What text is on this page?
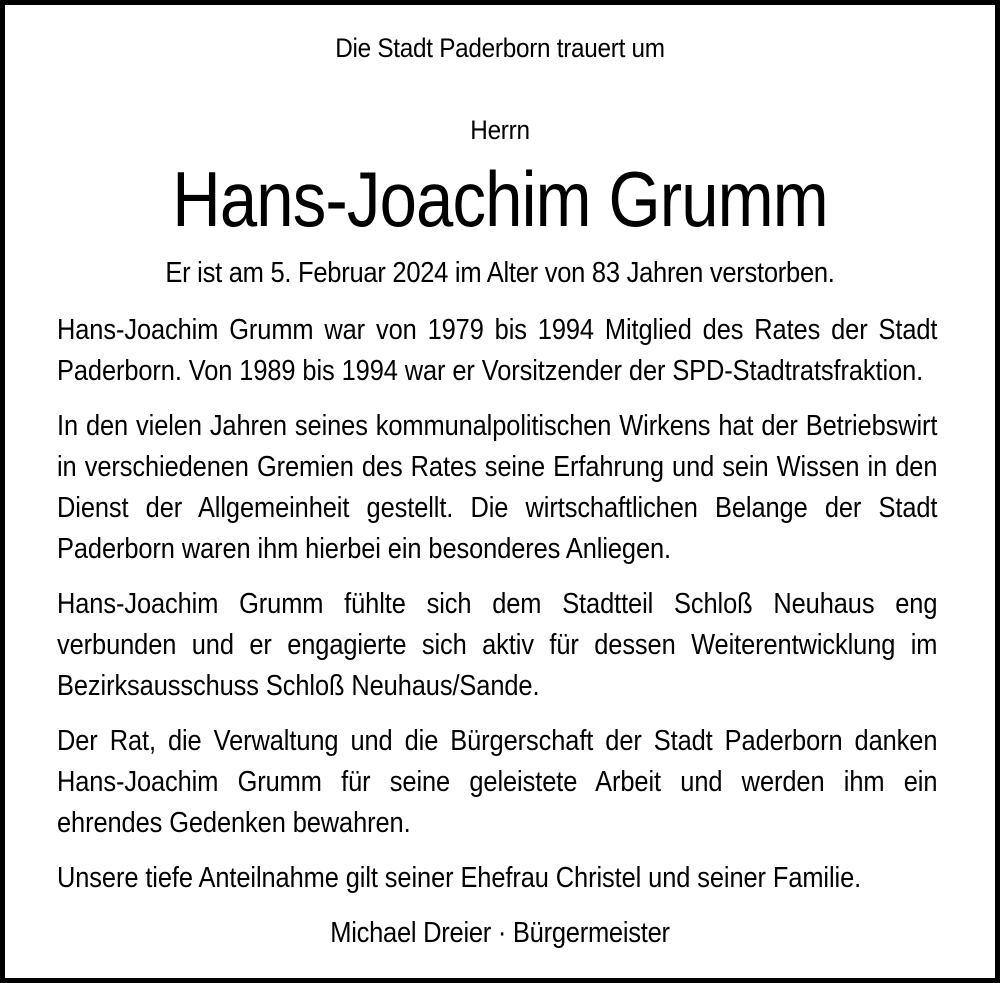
Die Stadt Paderborn trauert um
Herrn
Hans-Joachim Grumm
Er ist am 5. Februar 2024 im Alter von 83 Jahren verstorben.

Hans-Joachim Grumm war von 1979 bis 1994 Mitglied des Rates der Stadt Paderborn. Von 1989 bis 1994 war er Vorsitzender der SPD-Stadtratsfraktion.

In den vielen Jahren seines kommunalpolitischen Wirkens hat der Betriebswirt in verschiedenen Gremien des Rates seine Erfahrung und sein Wissen in den Dienst der Allgemeinheit gestellt. Die wirtschaftlichen Belange der Stadt Paderborn waren ihm hierbei ein besonderes Anliegen.

Hans-Joachim Grumm fühlte sich dem Stadtteil Schloß Neuhaus eng verbunden und er engagierte sich aktiv für dessen Weiterentwicklung im Bezirksausschuss Schloß Neuhaus/Sande.

Der Rat, die Verwaltung und die Bürgerschaft der Stadt Paderborn danken Hans-Joachim Grumm für seine geleistete Arbeit und werden ihm ein ehrendes Gedenken bewahren.

Unsere tiefe Anteilnahme gilt seiner Ehefrau Christel und seiner Familie.

Michael Dreier · Bürgermeister
